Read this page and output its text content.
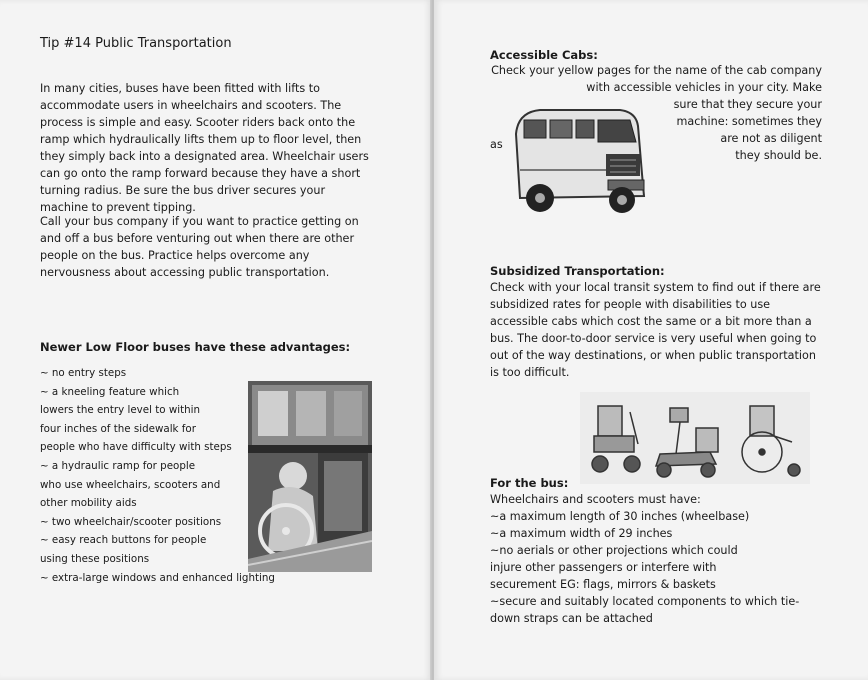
Tip #14 Public Transportation

In many cities, buses have been fitted with lifts to accommodate users in wheelchairs and scooters. The process is simple and easy. Scooter riders back onto the ramp which hydraulically lifts them up to floor level, then they simply back into a designated area. Wheelchair users can go onto the ramp forward because they have a short turning radius. Be sure the bus driver secures your machine to prevent tipping.

Call your bus company if you want to practice getting on and off a bus before venturing out when there are other people on the bus. Practice helps overcome any nervousness about accessing public transportation.

Newer Low Floor buses have these advantages:

~ no entry steps
~ a kneeling feature which
lowers the entry level to within
four inches of the sidewalk for
people who have difficulty with steps
~ a hydraulic ramp for people
who use wheelchairs, scooters and
other mobility aids
~ two wheelchair/scooter positions
~ easy reach buttons for people
using these positions
~ extra-large windows and enhanced lighting

Accessible Cabs:

Check your yellow pages for the name of the cab company with accessible vehicles in your city. Make

sure that they secure your
machine: sometimes they
are not as diligent
they should be.
as

Subsidized Transportation:

Check with your local transit system to find out if there are subsidized rates for people with disabilities to use accessible cabs which cost the same or a bit more than a bus. The door-to-door service is very useful when going to out of the way destinations, or when public transportation is too difficult.

For the bus:

Wheelchairs and scooters must have:
~a maximum length of 30 inches (wheelbase)
~a maximum width of 29 inches
~no aerials or other projections which could
injure other passengers or interfere with
securement EG: flags, mirrors & baskets
~secure and suitably located components to which tie-
down straps can be attached
